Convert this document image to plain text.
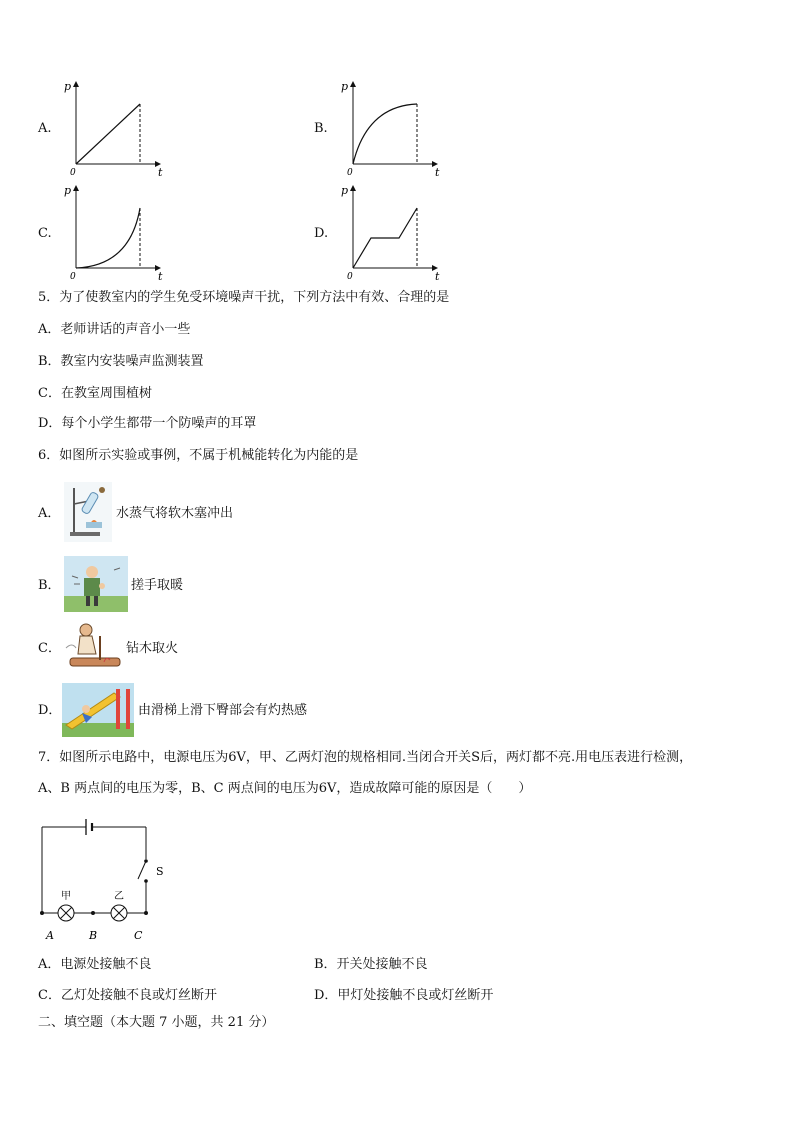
A.	B.
C.	D.
p
t
0
p
t
0
p
t
0
p
t
0
5．为了使教室内的学生免受环境噪声干扰，下列方法中有效、合理的是
A．老师讲话的声音小一些
B．教室内安装噪声监测装置
C．在教室周围植树
D．每个小学生都带一个防噪声的耳罩
6．如图所示实验或事例，不属于机械能转化为内能的是
A．	水蒸气将软木塞冲出
B．	搓手取暖
C．	钻木取火
D．	由滑梯上滑下臀部会有灼热感
7．如图所示电路中，电源电压为6V，甲、乙两灯泡的规格相同.当闭合开关S后，两灯都不亮.用电压表进行检测，
A、B 两点间的电压为零，B、C 两点间的电压为6V，造成故障可能的原因是（　　）
S
甲	乙
A	B	C
A．电源处接触不良	B．开关处接触不良
C．乙灯处接触不良或灯丝断开	D．甲灯处接触不良或灯丝断开
二、填空题（本大题 7 小题，共 21 分）
